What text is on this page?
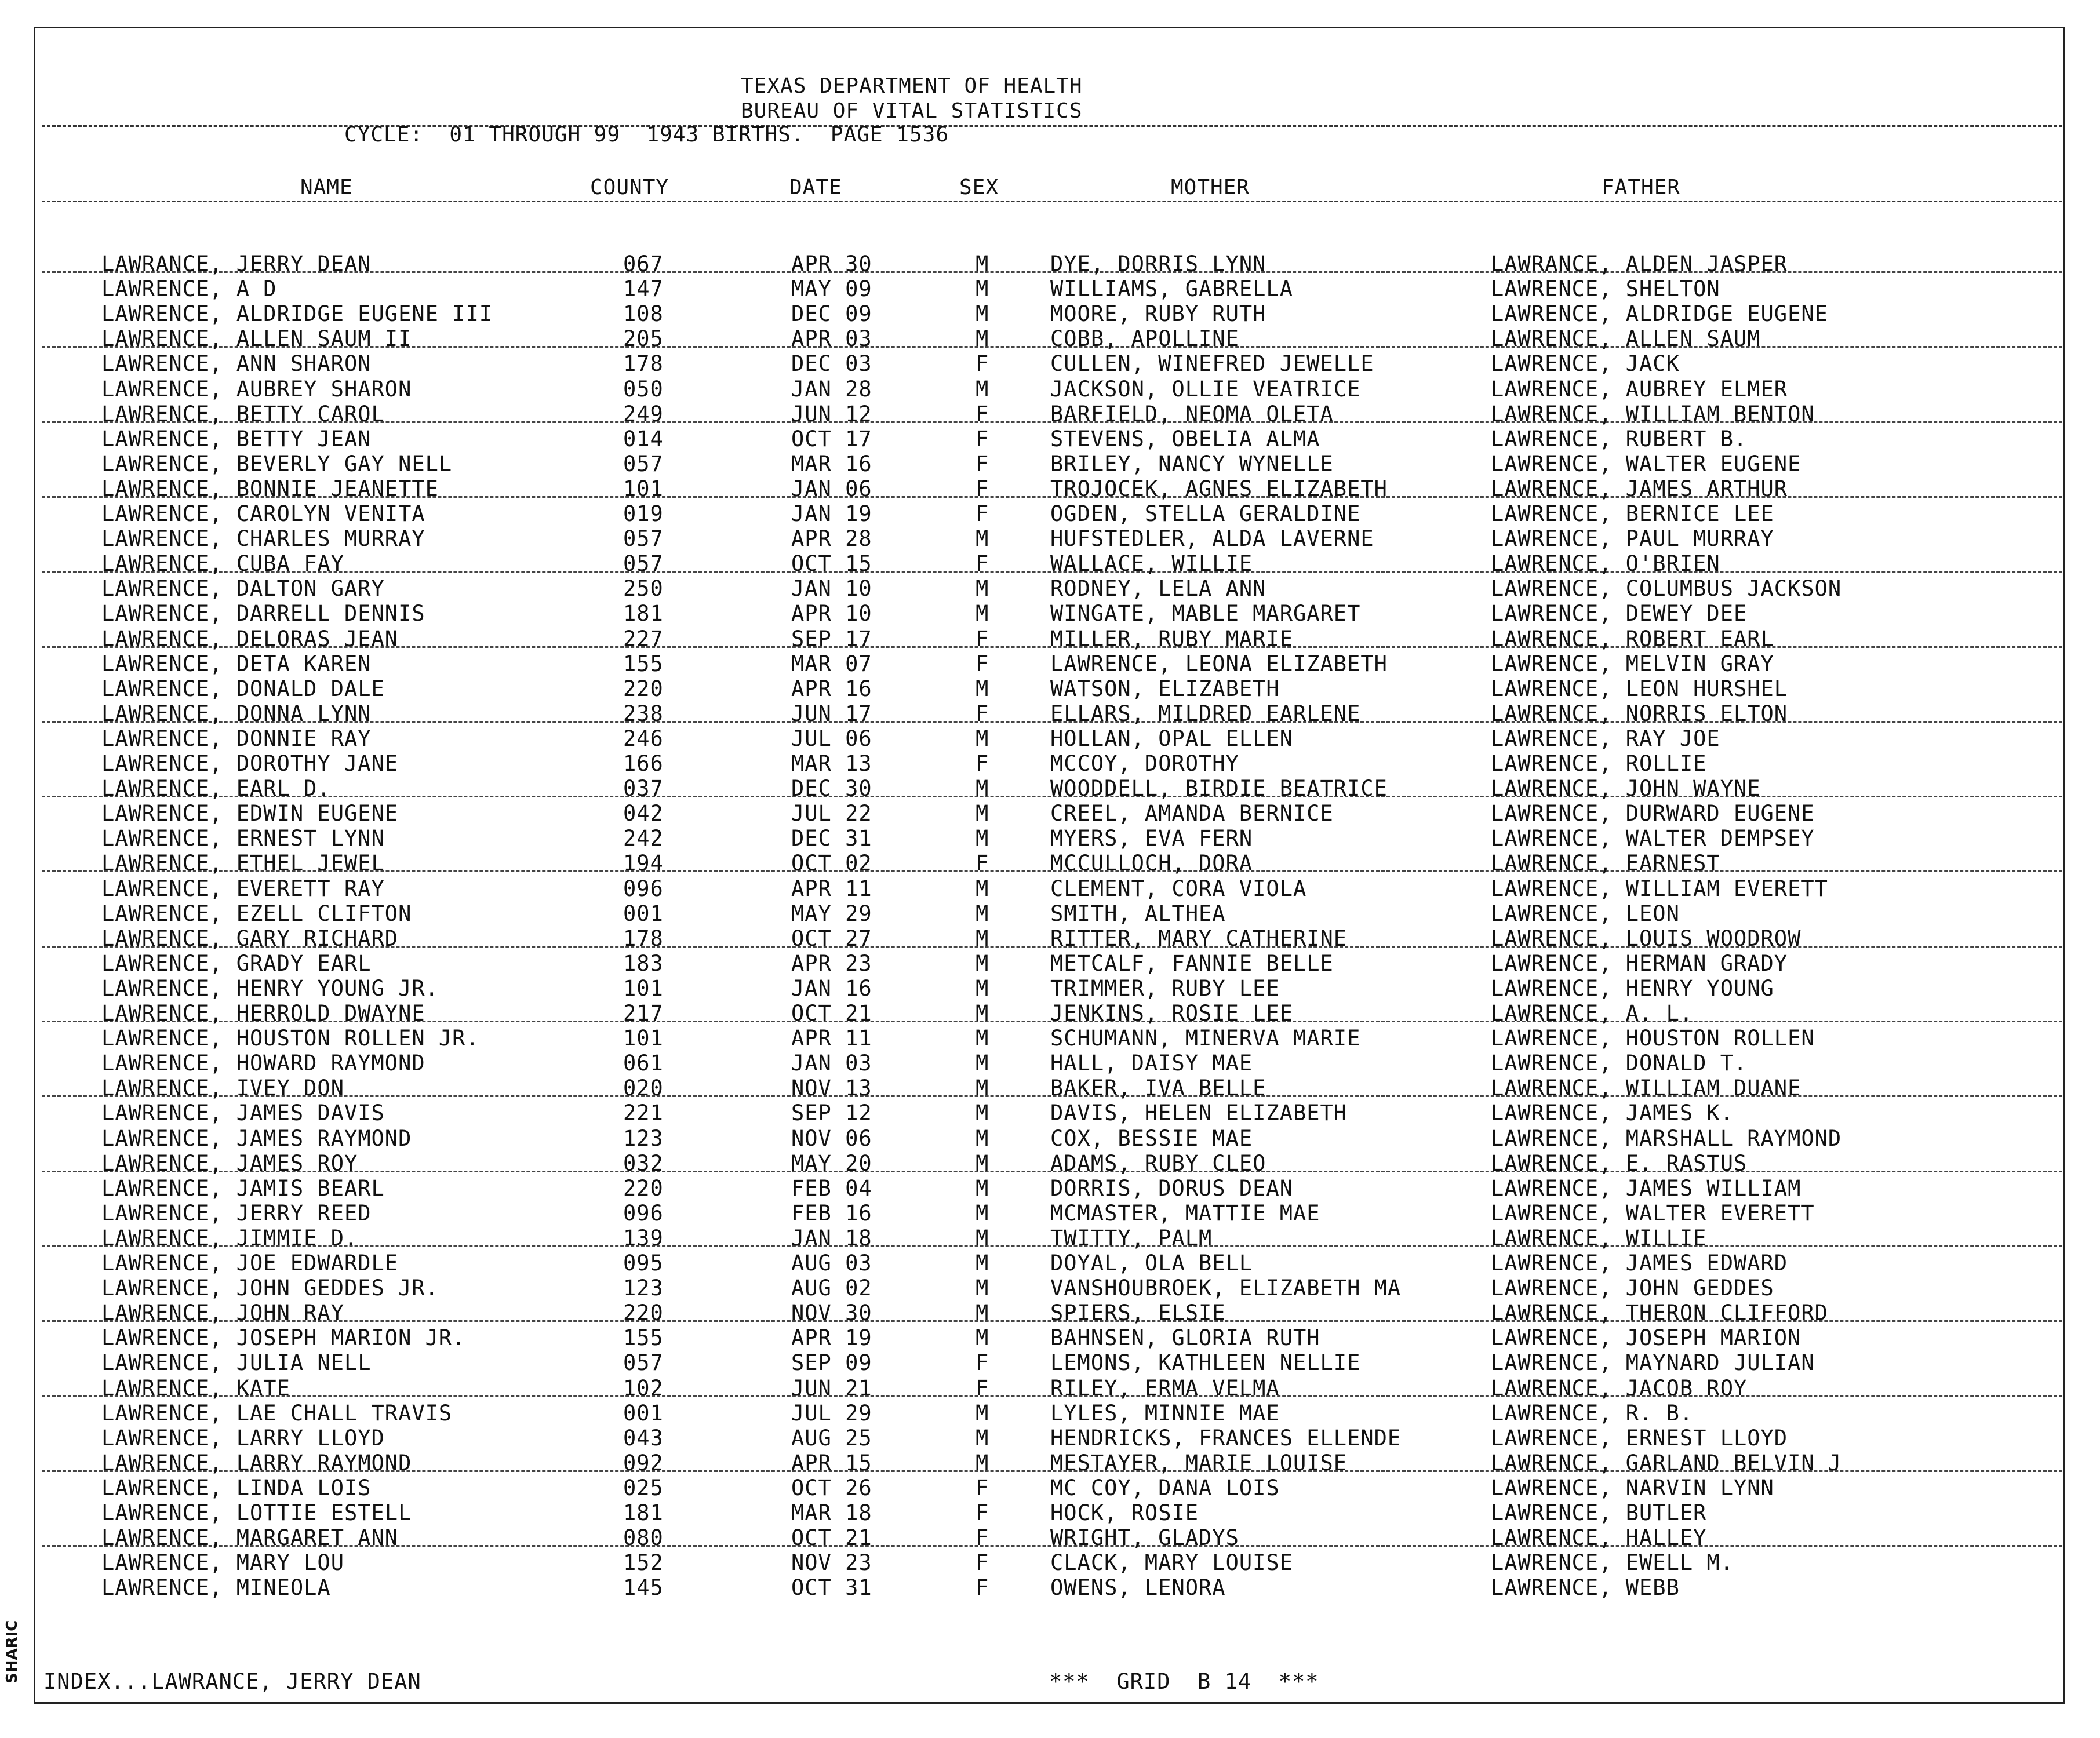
TEXAS DEPARTMENT OF HEALTH
BUREAU OF VITAL STATISTICS
CYCLE:  01 THROUGH 99  1943 BIRTHS.  PAGE 1536
NAME	COUNTY	DATE	SEX	MOTHER	FATHER
LAWRANCE, JERRY DEAN	067	APR 30	M	DYE, DORRIS LYNN	LAWRANCE, ALDEN JASPER
LAWRENCE, A D	147	MAY 09	M	WILLIAMS, GABRELLA	LAWRENCE, SHELTON
LAWRENCE, ALDRIDGE EUGENE III	108	DEC 09	M	MOORE, RUBY RUTH	LAWRENCE, ALDRIDGE EUGENE
LAWRENCE, ALLEN SAUM II	205	APR 03	M	COBB, APOLLINE	LAWRENCE, ALLEN SAUM
LAWRENCE, ANN SHARON	178	DEC 03	F	CULLEN, WINEFRED JEWELLE	LAWRENCE, JACK
LAWRENCE, AUBREY SHARON	050	JAN 28	M	JACKSON, OLLIE VEATRICE	LAWRENCE, AUBREY ELMER
LAWRENCE, BETTY CAROL	249	JUN 12	F	BARFIELD, NEOMA OLETA	LAWRENCE, WILLIAM BENTON
LAWRENCE, BETTY JEAN	014	OCT 17	F	STEVENS, OBELIA ALMA	LAWRENCE, RUBERT B.
LAWRENCE, BEVERLY GAY NELL	057	MAR 16	F	BRILEY, NANCY WYNELLE	LAWRENCE, WALTER EUGENE
LAWRENCE, BONNIE JEANETTE	101	JAN 06	F	TROJOCEK, AGNES ELIZABETH	LAWRENCE, JAMES ARTHUR
LAWRENCE, CAROLYN VENITA	019	JAN 19	F	OGDEN, STELLA GERALDINE	LAWRENCE, BERNICE LEE
LAWRENCE, CHARLES MURRAY	057	APR 28	M	HUFSTEDLER, ALDA LAVERNE	LAWRENCE, PAUL MURRAY
LAWRENCE, CUBA FAY	057	OCT 15	F	WALLACE, WILLIE	LAWRENCE, O'BRIEN
LAWRENCE, DALTON GARY	250	JAN 10	M	RODNEY, LELA ANN	LAWRENCE, COLUMBUS JACKSON
LAWRENCE, DARRELL DENNIS	181	APR 10	M	WINGATE, MABLE MARGARET	LAWRENCE, DEWEY DEE
LAWRENCE, DELORAS JEAN	227	SEP 17	F	MILLER, RUBY MARIE	LAWRENCE, ROBERT EARL
LAWRENCE, DETA KAREN	155	MAR 07	F	LAWRENCE, LEONA ELIZABETH	LAWRENCE, MELVIN GRAY
LAWRENCE, DONALD DALE	220	APR 16	M	WATSON, ELIZABETH	LAWRENCE, LEON HURSHEL
LAWRENCE, DONNA LYNN	238	JUN 17	F	ELLARS, MILDRED EARLENE	LAWRENCE, NORRIS ELTON
LAWRENCE, DONNIE RAY	246	JUL 06	M	HOLLAN, OPAL ELLEN	LAWRENCE, RAY JOE
LAWRENCE, DOROTHY JANE	166	MAR 13	F	MCCOY, DOROTHY	LAWRENCE, ROLLIE
LAWRENCE, EARL D.	037	DEC 30	M	WOODDELL, BIRDIE BEATRICE	LAWRENCE, JOHN WAYNE
LAWRENCE, EDWIN EUGENE	042	JUL 22	M	CREEL, AMANDA BERNICE	LAWRENCE, DURWARD EUGENE
LAWRENCE, ERNEST LYNN	242	DEC 31	M	MYERS, EVA FERN	LAWRENCE, WALTER DEMPSEY
LAWRENCE, ETHEL JEWEL	194	OCT 02	F	MCCULLOCH, DORA	LAWRENCE, EARNEST
LAWRENCE, EVERETT RAY	096	APR 11	M	CLEMENT, CORA VIOLA	LAWRENCE, WILLIAM EVERETT
LAWRENCE, EZELL CLIFTON	001	MAY 29	M	SMITH, ALTHEA	LAWRENCE, LEON
LAWRENCE, GARY RICHARD	178	OCT 27	M	RITTER, MARY CATHERINE	LAWRENCE, LOUIS WOODROW
LAWRENCE, GRADY EARL	183	APR 23	M	METCALF, FANNIE BELLE	LAWRENCE, HERMAN GRADY
LAWRENCE, HENRY YOUNG JR.	101	JAN 16	M	TRIMMER, RUBY LEE	LAWRENCE, HENRY YOUNG
LAWRENCE, HERROLD DWAYNE	217	OCT 21	M	JENKINS, ROSIE LEE	LAWRENCE, A. L.
LAWRENCE, HOUSTON ROLLEN JR.	101	APR 11	M	SCHUMANN, MINERVA MARIE	LAWRENCE, HOUSTON ROLLEN
LAWRENCE, HOWARD RAYMOND	061	JAN 03	M	HALL, DAISY MAE	LAWRENCE, DONALD T.
LAWRENCE, IVEY DON	020	NOV 13	M	BAKER, IVA BELLE	LAWRENCE, WILLIAM DUANE
LAWRENCE, JAMES DAVIS	221	SEP 12	M	DAVIS, HELEN ELIZABETH	LAWRENCE, JAMES K.
LAWRENCE, JAMES RAYMOND	123	NOV 06	M	COX, BESSIE MAE	LAWRENCE, MARSHALL RAYMOND
LAWRENCE, JAMES ROY	032	MAY 20	M	ADAMS, RUBY CLEO	LAWRENCE, E. RASTUS
LAWRENCE, JAMIS BEARL	220	FEB 04	M	DORRIS, DORUS DEAN	LAWRENCE, JAMES WILLIAM
LAWRENCE, JERRY REED	096	FEB 16	M	MCMASTER, MATTIE MAE	LAWRENCE, WALTER EVERETT
LAWRENCE, JIMMIE D.	139	JAN 18	M	TWITTY, PALM	LAWRENCE, WILLIE
LAWRENCE, JOE EDWARDLE	095	AUG 03	M	DOYAL, OLA BELL	LAWRENCE, JAMES EDWARD
LAWRENCE, JOHN GEDDES JR.	123	AUG 02	M	VANSHOUBROEK, ELIZABETH MA	LAWRENCE, JOHN GEDDES
LAWRENCE, JOHN RAY	220	NOV 30	M	SPIERS, ELSIE	LAWRENCE, THERON CLIFFORD
LAWRENCE, JOSEPH MARION JR.	155	APR 19	M	BAHNSEN, GLORIA RUTH	LAWRENCE, JOSEPH MARION
LAWRENCE, JULIA NELL	057	SEP 09	F	LEMONS, KATHLEEN NELLIE	LAWRENCE, MAYNARD JULIAN
LAWRENCE, KATE	102	JUN 21	F	RILEY, ERMA VELMA	LAWRENCE, JACOB ROY
LAWRENCE, LAE CHALL TRAVIS	001	JUL 29	M	LYLES, MINNIE MAE	LAWRENCE, R. B.
LAWRENCE, LARRY LLOYD	043	AUG 25	M	HENDRICKS, FRANCES ELLENDE	LAWRENCE, ERNEST LLOYD
LAWRENCE, LARRY RAYMOND	092	APR 15	M	MESTAYER, MARIE LOUISE	LAWRENCE, GARLAND BELVIN J
LAWRENCE, LINDA LOIS	025	OCT 26	F	MC COY, DANA LOIS	LAWRENCE, NARVIN LYNN
LAWRENCE, LOTTIE ESTELL	181	MAR 18	F	HOCK, ROSIE	LAWRENCE, BUTLER
LAWRENCE, MARGARET ANN	080	OCT 21	F	WRIGHT, GLADYS	LAWRENCE, HALLEY
LAWRENCE, MARY LOU	152	NOV 23	F	CLACK, MARY LOUISE	LAWRENCE, EWELL M.
LAWRENCE, MINEOLA	145	OCT 31	F	OWENS, LENORA	LAWRENCE, WEBB
INDEX...LAWRANCE, JERRY DEAN	***  GRID  B 14  ***
SHARIC
